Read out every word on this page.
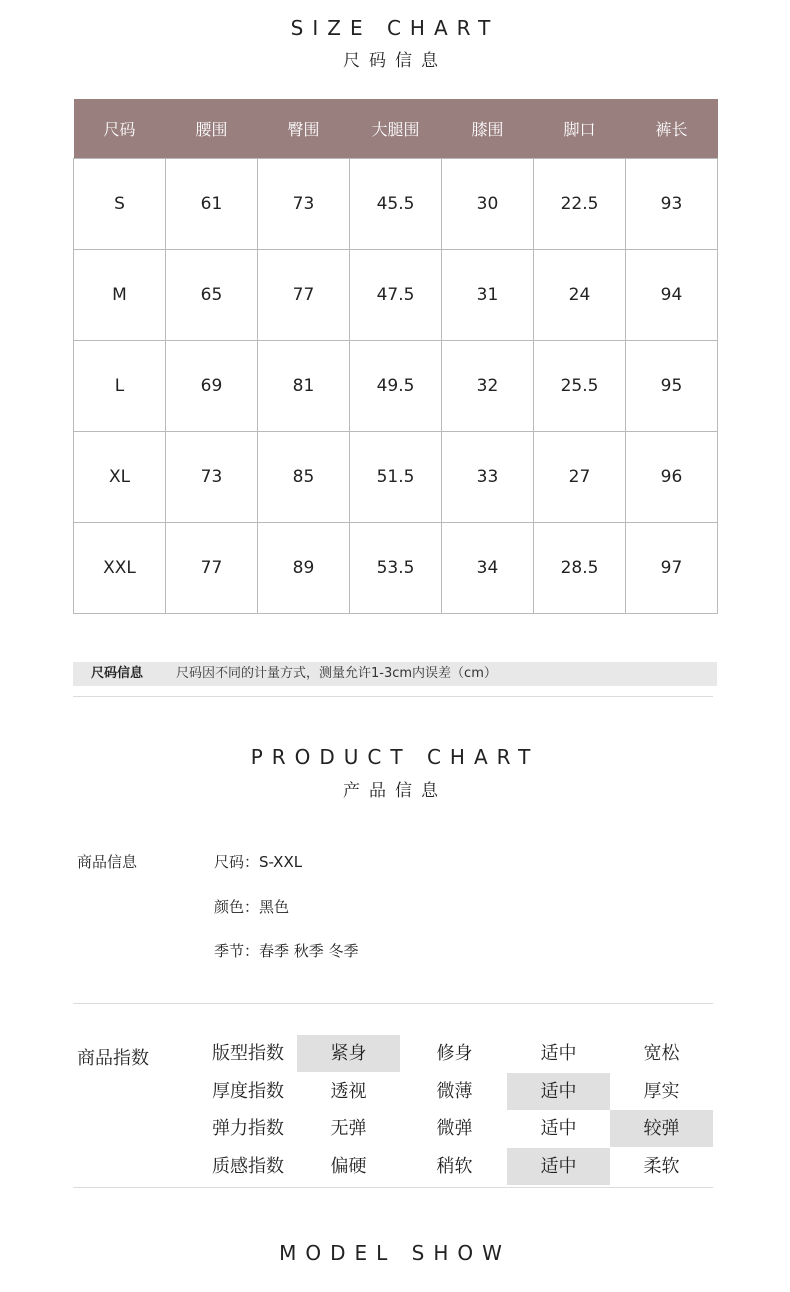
SIZE CHART
尺码信息
尺码	腰围	臀围	大腿围	膝围	脚口	裤长
S	61	73	45.5	30	22.5	93
M	65	77	47.5	31	24	94
L	69	81	49.5	32	25.5	95
XL	73	85	51.5	33	27	96
XXL	77	89	53.5	34	28.5	97
尺码信息	尺码因不同的计量方式，测量允许1-3cm内误差（cm）
PRODUCT CHART
产品信息
商品信息	尺码：S-XXL
颜色：黑色
季节：春季 秋季 冬季
商品指数	版型指数	紧身	修身	适中	宽松
厚度指数	透视	微薄	适中	厚实
弹力指数	无弹	微弹	适中	较弹
质感指数	偏硬	稍软	适中	柔软
MODEL SHOW
